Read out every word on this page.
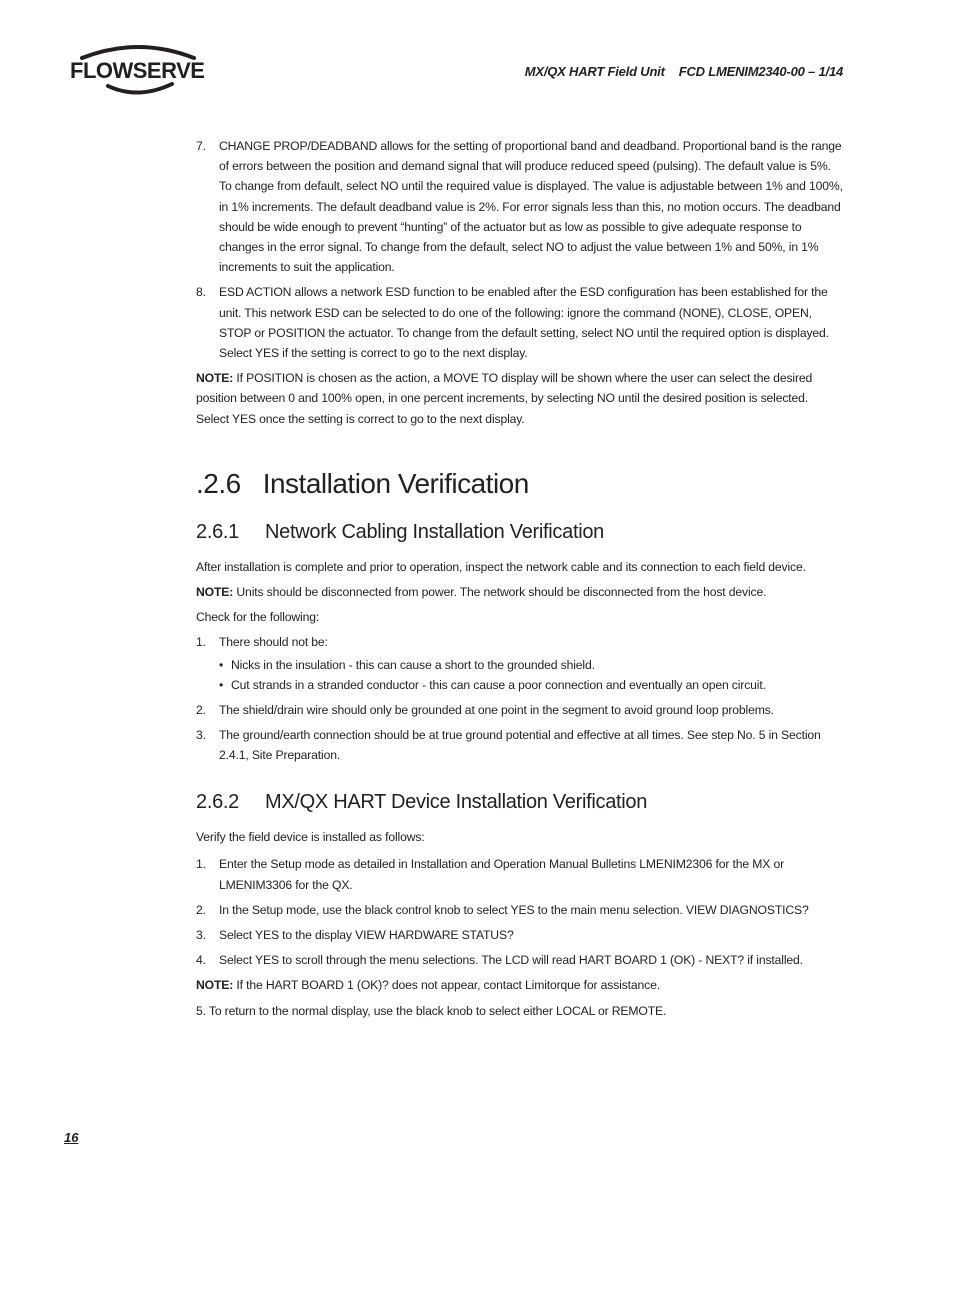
FLOWSERVE	MX/QX HART Field Unit FCD LMENIM2340-00 – 1/14
7. CHANGE PROP/DEADBAND allows for the setting of proportional band and deadband. Proportional band is the range of errors between the position and demand signal that will produce reduced speed (pulsing). The default value is 5%. To change from default, select NO until the required value is displayed. The value is adjustable between 1% and 100%, in 1% increments. The default deadband value is 2%. For error signals less than this, no motion occurs. The deadband should be wide enough to prevent “hunting” of the actuator but as low as possible to give adequate response to changes in the error signal. To change from the default, select NO to adjust the value between 1% and 50%, in 1% increments to suit the application.
8. ESD ACTION allows a network ESD function to be enabled after the ESD configuration has been established for the unit. This network ESD can be selected to do one of the following: ignore the command (NONE), CLOSE, OPEN, STOP or POSITION the actuator. To change from the default setting, select NO until the required option is displayed. Select YES if the setting is correct to go to the next display.
NOTE: If POSITION is chosen as the action, a MOVE TO display will be shown where the user can select the desired position between 0 and 100% open, in one percent increments, by selecting NO until the desired position is selected. Select YES once the setting is correct to go to the next display.
.2.6 Installation Verification
2.6.1 Network Cabling Installation Verification

After installation is complete and prior to operation, inspect the network cable and its connection to each field device.

NOTE: Units should be disconnected from power. The network should be disconnected from the host device.

Check for the following:

1. There should not be:
• Nicks in the insulation - this can cause a short to the grounded shield.
• Cut strands in a stranded conductor - this can cause a poor connection and eventually an open circuit.
2. The shield/drain wire should only be grounded at one point in the segment to avoid ground loop problems.
3. The ground/earth connection should be at true ground potential and effective at all times. See step No. 5 in Section 2.4.1, Site Preparation.
2.6.2 MX/QX HART Device Installation Verification

Verify the field device is installed as follows:

1. Enter the Setup mode as detailed in Installation and Operation Manual Bulletins LMENIM2306 for the MX or LMENIM3306 for the QX.
2. In the Setup mode, use the black control knob to select YES to the main menu selection. VIEW DIAGNOSTICS?
3. Select YES to the display VIEW HARDWARE STATUS?
4. Select YES to scroll through the menu selections. The LCD will read HART BOARD 1 (OK) - NEXT? if installed.
NOTE: If the HART BOARD 1 (OK)? does not appear, contact Limitorque for assistance.

5. To return to the normal display, use the black knob to select either LOCAL or REMOTE.

16
